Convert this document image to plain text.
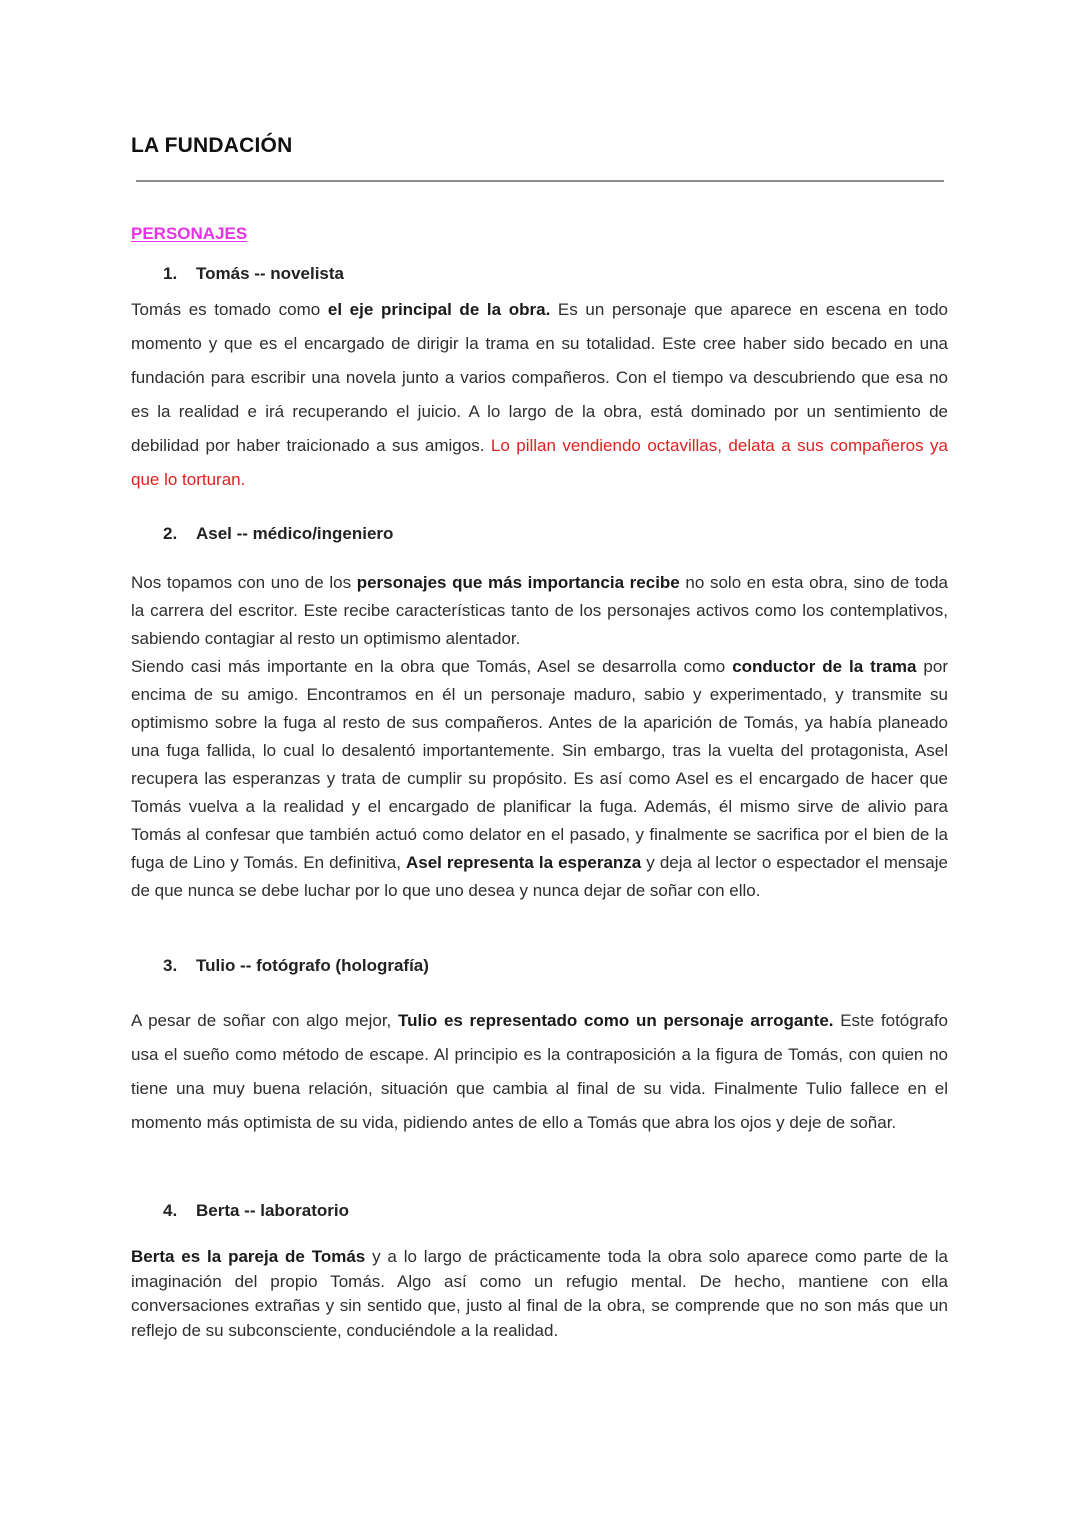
LA FUNDACIÓN
PERSONAJES
1. Tomás -- novelista

Tomás es tomado como el eje principal de la obra. Es un personaje que aparece en escena en todo momento y que es el encargado de dirigir la trama en su totalidad. Este cree haber sido becado en una fundación para escribir una novela junto a varios compañeros. Con el tiempo va descubriendo que esa no es la realidad e irá recuperando el juicio. A lo largo de la obra, está dominado por un sentimiento de debilidad por haber traicionado a sus amigos. Lo pillan vendiendo octavillas, delata a sus compañeros ya que lo torturan.

2. Asel -- médico/ingeniero

Nos topamos con uno de los personajes que más importancia recibe no solo en esta obra, sino de toda la carrera del escritor. Este recibe características tanto de los personajes activos como los contemplativos, sabiendo contagiar al resto un optimismo alentador.

Siendo casi más importante en la obra que Tomás, Asel se desarrolla como conductor de la trama por encima de su amigo. Encontramos en él un personaje maduro, sabio y experimentado, y transmite su optimismo sobre la fuga al resto de sus compañeros. Antes de la aparición de Tomás, ya había planeado una fuga fallida, lo cual lo desalentó importantemente. Sin embargo, tras la vuelta del protagonista, Asel recupera las esperanzas y trata de cumplir su propósito. Es así como Asel es el encargado de hacer que Tomás vuelva a la realidad y el encargado de planificar la fuga. Además, él mismo sirve de alivio para Tomás al confesar que también actuó como delator en el pasado, y finalmente se sacrifica por el bien de la fuga de Lino y Tomás. En definitiva, Asel representa la esperanza y deja al lector o espectador el mensaje de que nunca se debe luchar por lo que uno desea y nunca dejar de soñar con ello.

3. Tulio -- fotógrafo (holografía)

A pesar de soñar con algo mejor, Tulio es representado como un personaje arrogante. Este fotógrafo usa el sueño como método de escape. Al principio es la contraposición a la figura de Tomás, con quien no tiene una muy buena relación, situación que cambia al final de su vida. Finalmente Tulio fallece en el momento más optimista de su vida, pidiendo antes de ello a Tomás que abra los ojos y deje de soñar.

4. Berta -- laboratorio

Berta es la pareja de Tomás y a lo largo de prácticamente toda la obra solo aparece como parte de la imaginación del propio Tomás. Algo así como un refugio mental. De hecho, mantiene con ella conversaciones extrañas y sin sentido que, justo al final de la obra, se comprende que no son más que un reflejo de su subconsciente, conduciéndole a la realidad.
